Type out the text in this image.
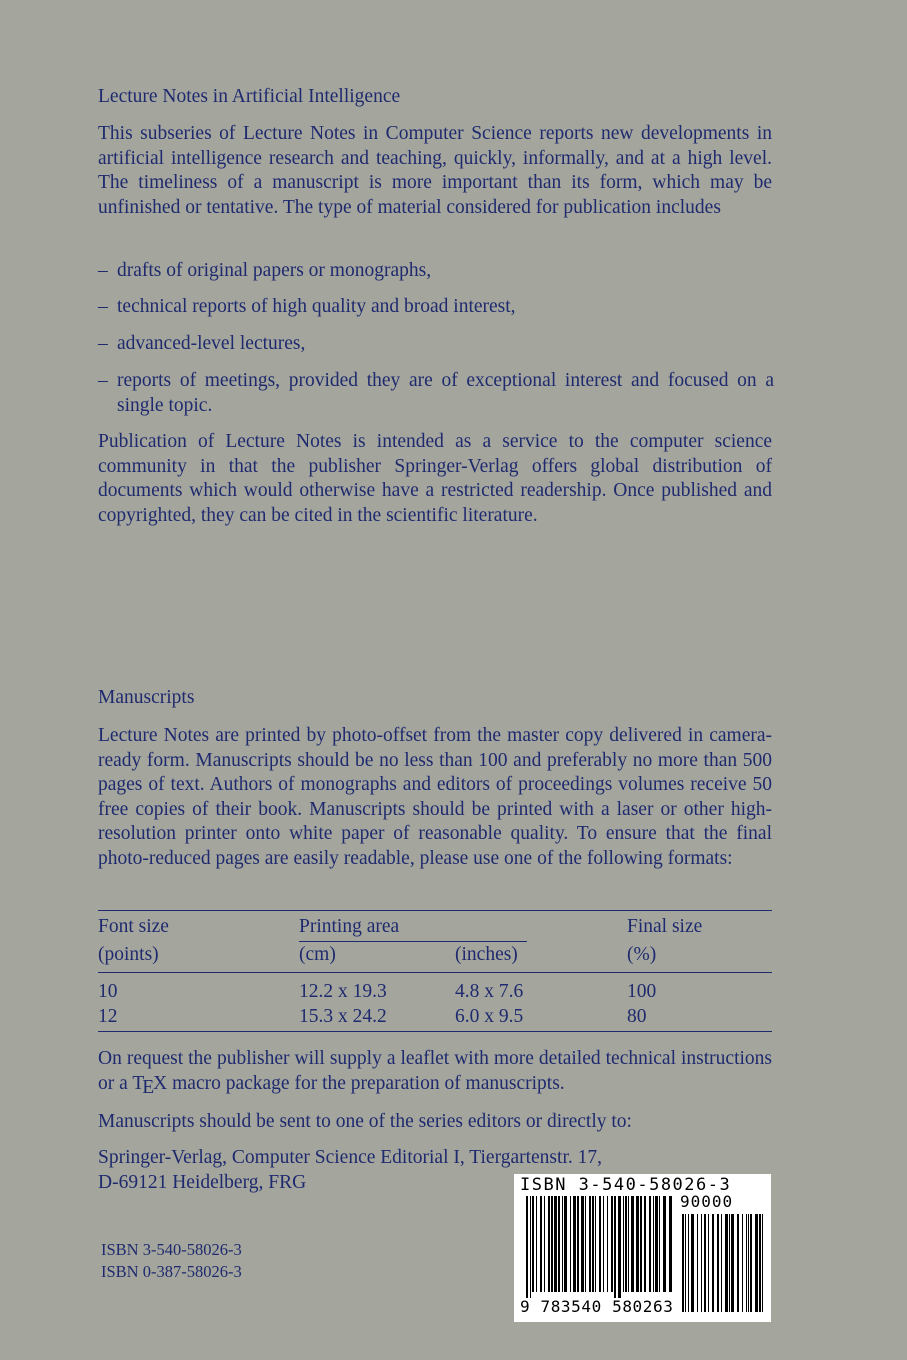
Lecture Notes in Artificial Intelligence
This subseries of Lecture Notes in Computer Science reports new developments in artificial intelligence research and teaching, quickly, informally, and at a high level. The timeliness of a manuscript is more important than its form, which may be unfinished or tentative. The type of material considered for publication includes
– drafts of original papers or monographs,
– technical reports of high quality and broad interest,
– advanced-level lectures,
– reports of meetings, provided they are of exceptional interest and focused on a single topic.
Publication of Lecture Notes is intended as a service to the computer science community in that the publisher Springer-Verlag offers global distribution of documents which would otherwise have a restricted readership. Once published and copyrighted, they can be cited in the scientific literature.
Manuscripts
Lecture Notes are printed by photo-offset from the master copy delivered in camera-ready form. Manuscripts should be no less than 100 and preferably no more than 500 pages of text. Authors of monographs and editors of proceedings volumes receive 50 free copies of their book. Manuscripts should be printed with a laser or other high-resolution printer onto white paper of reasonable quality. To ensure that the final photo-reduced pages are easily readable, please use one of the following formats:
Font size	Printing area	Final size
(points)	(cm)	(inches)	(%)
10	12.2 x 19.3	4.8 x 7.6	100
12	15.3 x 24.2	6.0 x 9.5	80
On request the publisher will supply a leaflet with more detailed technical instructions or a TEX macro package for the preparation of manuscripts.
Manuscripts should be sent to one of the series editors or directly to:
Springer-Verlag, Computer Science Editorial I, Tiergartenstr. 17,
D-69121 Heidelberg, FRG
ISBN 3-540-58026-3
ISBN 0-387-58026-3
ISBN 3-540-58026-3
90000
9 783540 580263
